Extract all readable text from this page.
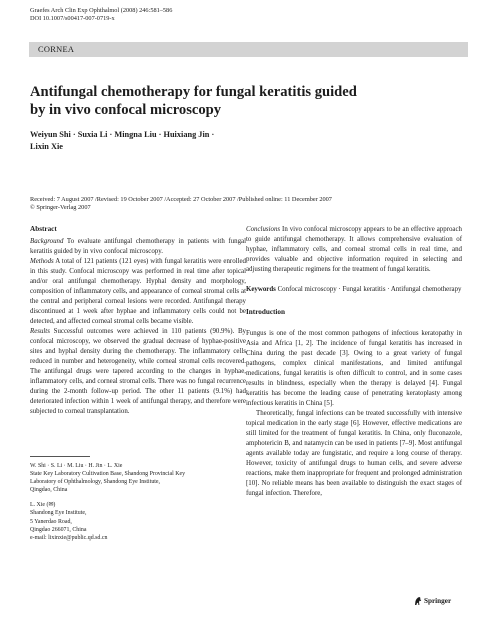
Graefes Arch Clin Exp Ophthalmol (2008) 246:581–586
DOI 10.1007/s00417-007-0719-x
CORNEA
Antifungal chemotherapy for fungal keratitis guided
by in vivo confocal microscopy
Weiyun Shi · Suxia Li · Mingna Liu · Huixiang Jin ·
Lixin Xie
Received: 7 August 2007 /Revised: 19 October 2007 /Accepted: 27 October 2007 /Published online: 11 December 2007
© Springer-Verlag 2007
Abstract

Background To evaluate antifungal chemotherapy in patients with fungal keratitis guided by in vivo confocal microscopy.

Methods A total of 121 patients (121 eyes) with fungal keratitis were enrolled in this study. Confocal microscopy was performed in real time after topical and/or oral antifungal chemotherapy. Hyphal density and morphology, composition of inflammatory cells, and appearance of corneal stromal cells at the central and peripheral corneal lesions were recorded. Antifungal therapy discontinued at 1 week after hyphae and inflammatory cells could not be detected, and affected corneal stromal cells became visible.

Results Successful outcomes were achieved in 110 patients (90.9%). By confocal microscopy, we observed the gradual decrease of hyphae-positive sites and hyphal density during the chemotherapy. The inflammatory cells reduced in number and heterogeneity, while corneal stromal cells recovered. The antifungal drugs were tapered according to the changes in hyphae, inflammatory cells, and corneal stromal cells. There was no fungal recurrence during the 2-month follow-up period. The other 11 patients (9.1%) had deteriorated infection within 1 week of antifungal therapy, and therefore were subjected to corneal transplantation.

Conclusions In vivo confocal microscopy appears to be an effective approach to guide antifungal chemotherapy. It allows comprehensive evaluation of hyphae, inflammatory cells, and corneal stromal cells in real time, and provides valuable and objective information required in selecting and adjusting therapeutic regimens for the treatment of fungal keratitis.

Keywords Confocal microscopy · Fungal keratitis · Antifungal chemotherapy

Introduction

Fungus is one of the most common pathogens of infectious keratopathy in Asia and Africa [1, 2]. The incidence of fungal keratitis has increased in China during the past decade [3]. Owing to a great variety of fungal pathogens, complex clinical manifestations, and limited antifungal medications, fungal keratitis is often difficult to control, and in some cases results in blindness, especially when the therapy is delayed [4]. Fungal keratitis has become the leading cause of penetrating keratoplasty among infectious keratitis in China [5].

Theoretically, fungal infections can be treated successfully with intensive topical medication in the early stage [6]. However, effective medications are still limited for the treatment of fungal keratitis. In China, only fluconazole, amphotericin B, and natamycin can be used in patients [7–9]. Most antifungal agents available today are fungistatic, and require a long course of therapy. However, toxicity of antifungal drugs to human cells, and severe adverse reactions, make them inappropriate for frequent and prolonged administration [10]. No reliable means has been available to distinguish the exact stages of fungal infection. Therefore,

W. Shi · S. Li · M. Liu · H. Jin · L. Xie
State Key Laboratory Cultivation Base, Shandong Provincial Key
Laboratory of Ophthalmology, Shandong Eye Institute,
Qingdao, China
L. Xie (✉)
Shandong Eye Institute,
5 Yanerdao Road,
Qingdao 266071, China
e-mail: lixinxie@public.qd.sd.cn
Springer
